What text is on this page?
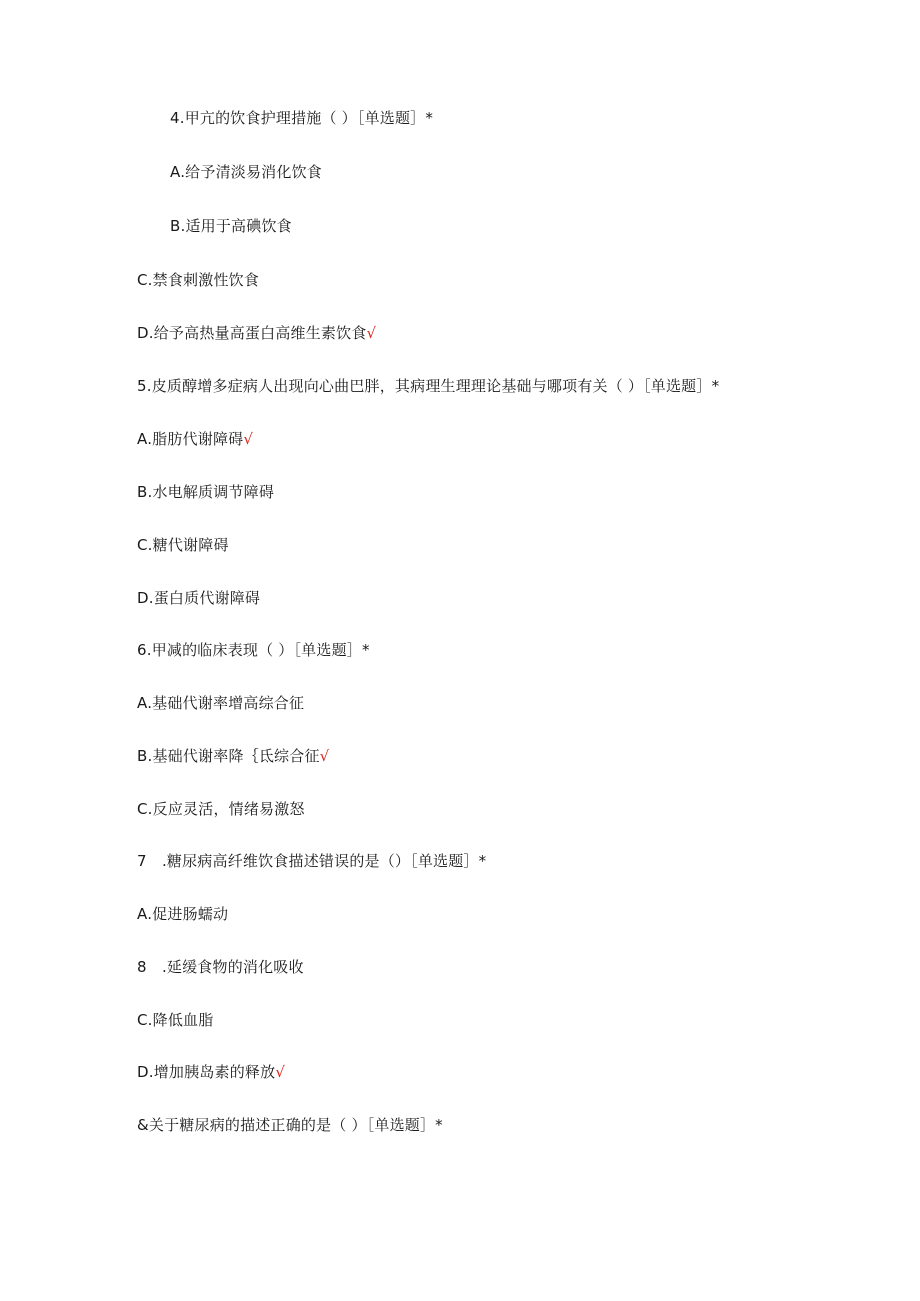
4.甲亢的饮食护理措施（ ）［单选题］*
A.给予清淡易消化饮食
B.适用于高碘饮食
C.禁食刺激性饮食
D.给予高热量高蛋白高维生素饮食√
5.皮质醇增多症病人出现向心曲巴胖，其病理生理理论基础与哪项有关（ ）［单选题］*
A.脂肪代谢障碍√
B.水电解质调节障碍
C.糖代谢障碍
D.蛋白质代谢障碍
6.甲减的临床表现（ ）［单选题］*
A.基础代谢率增高综合征
B.基础代谢率降｛氐综合征√
C.反应灵活，情绪易激怒
7　.糖尿病高纤维饮食描述错误的是（）［单选题］*
A.促进肠蠕动
8　.延缓食物的消化吸收
C.降低血脂
D.增加胰岛素的释放√
&关于糖尿病的描述正确的是（ ）［单选题］*
